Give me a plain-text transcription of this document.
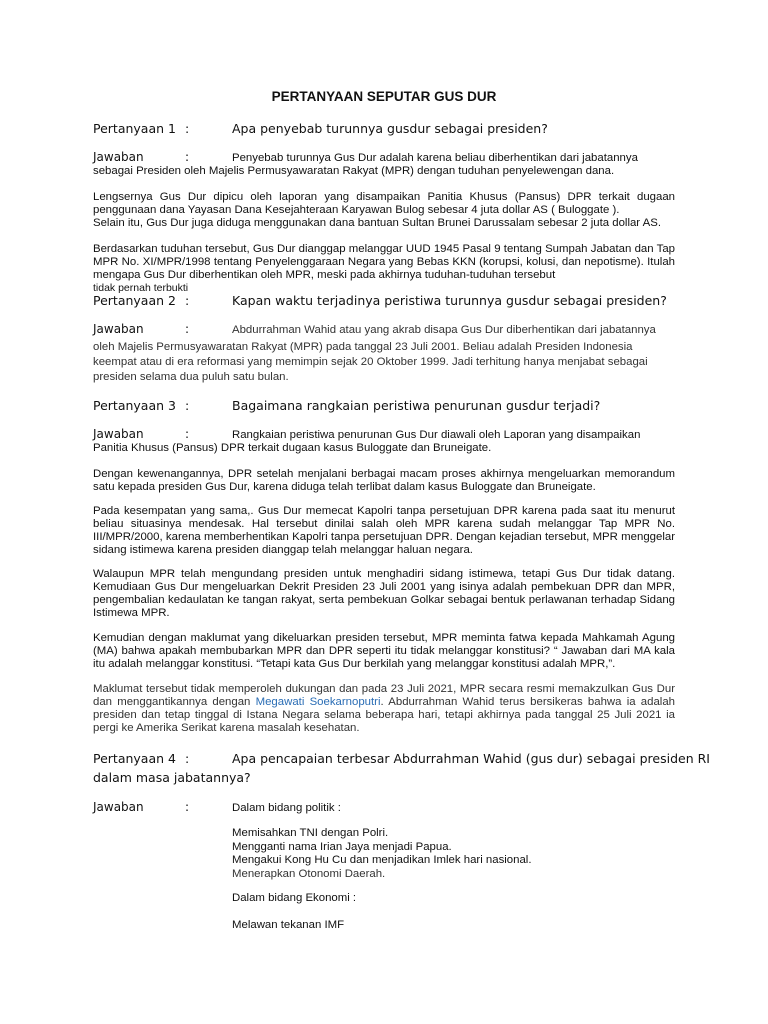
PERTANYAAN SEPUTAR GUS DUR
Pertanyaan 1 :	Apa penyebab turunnya gusdur sebagai presiden?
Jawaban	:	Penyebab turunnya Gus Dur adalah karena beliau diberhentikan dari jabatannya
sebagai Presiden oleh Majelis Permusyawaratan Rakyat (MPR) dengan tuduhan penyelewengan dana.
Lengsernya Gus Dur dipicu oleh laporan yang disampaikan Panitia Khusus (Pansus) DPR terkait dugaan penggunaan dana Yayasan Dana Kesejahteraan Karyawan Bulog sebesar 4 juta dollar AS ( Buloggate ).
Selain itu, Gus Dur juga diduga menggunakan dana bantuan Sultan Brunei Darussalam sebesar 2 juta dollar AS.
Berdasarkan tuduhan tersebut, Gus Dur dianggap melanggar UUD 1945 Pasal 9 tentang Sumpah Jabatan dan Tap MPR No. XI/MPR/1998 tentang Penyelenggaraan Negara yang Bebas KKN (korupsi, kolusi, dan nepotisme). Itulah mengapa Gus Dur diberhentikan oleh MPR, meski pada akhirnya tuduhan-tuduhan tersebut
tidak pernah terbukti
Pertanyaan 2 :	Kapan waktu terjadinya peristiwa turunnya gusdur sebagai presiden?
Jawaban	:	Abdurrahman Wahid atau yang akrab disapa Gus Dur diberhentikan dari jabatannya
oleh Majelis Permusyawaratan Rakyat (MPR) pada tanggal 23 Juli 2001. Beliau adalah Presiden Indonesia
keempat atau di era reformasi yang memimpin sejak 20 Oktober 1999. Jadi terhitung hanya menjabat sebagai
presiden selama dua puluh satu bulan.
Pertanyaan 3 :	Bagaimana rangkaian peristiwa penurunan gusdur terjadi?
Jawaban	:	Rangkaian peristiwa penurunan Gus Dur diawali oleh Laporan yang disampaikan
Panitia Khusus (Pansus) DPR terkait dugaan kasus Buloggate dan Bruneigate.
Dengan kewenangannya, DPR setelah menjalani berbagai macam proses akhirnya mengeluarkan memorandum satu kepada presiden Gus Dur, karena diduga telah terlibat dalam kasus Buloggate dan Bruneigate.
Pada kesempatan yang sama,. Gus Dur memecat Kapolri tanpa persetujuan DPR karena pada saat itu menurut beliau situasinya mendesak. Hal tersebut dinilai salah oleh MPR karena sudah melanggar Tap MPR No. III/MPR/2000, karena memberhentikan Kapolri tanpa persetujuan DPR. Dengan kejadian tersebut, MPR menggelar sidang istimewa karena presiden dianggap telah melanggar haluan negara.
Walaupun MPR telah mengundang presiden untuk menghadiri sidang istimewa, tetapi Gus Dur tidak datang. Kemudiaan Gus Dur mengeluarkan Dekrit Presiden 23 Juli 2001 yang isinya adalah pembekuan DPR dan MPR, pengembalian kedaulatan ke tangan rakyat, serta pembekuan Golkar sebagai bentuk perlawanan terhadap Sidang Istimewa MPR.
Kemudian dengan maklumat yang dikeluarkan presiden tersebut, MPR meminta fatwa kepada Mahkamah Agung (MA) bahwa apakah membubarkan MPR dan DPR seperti itu tidak melanggar konstitusi? “ Jawaban dari MA kala itu adalah melanggar konstitusi. “Tetapi kata Gus Dur berkilah yang melanggar konstitusi adalah MPR,”.
Maklumat tersebut tidak memperoleh dukungan dan pada 23 Juli 2021, MPR secara resmi memakzulkan Gus Dur dan menggantikannya dengan Megawati Soekarnoputri. Abdurrahman Wahid terus bersikeras bahwa ia adalah presiden dan tetap tinggal di Istana Negara selama beberapa hari, tetapi akhirnya pada tanggal 25 Juli 2021 ia pergi ke Amerika Serikat karena masalah kesehatan.
Pertanyaan 4 :	Apa pencapaian terbesar Abdurrahman Wahid (gus dur) sebagai presiden RI
dalam masa jabatannya?
Jawaban	:	Dalam bidang politik :
Memisahkan TNI dengan Polri.
Mengganti nama Irian Jaya menjadi Papua.
Mengakui Kong Hu Cu dan menjadikan Imlek hari nasional.
Menerapkan Otonomi Daerah.
Dalam bidang Ekonomi :
Melawan tekanan IMF
